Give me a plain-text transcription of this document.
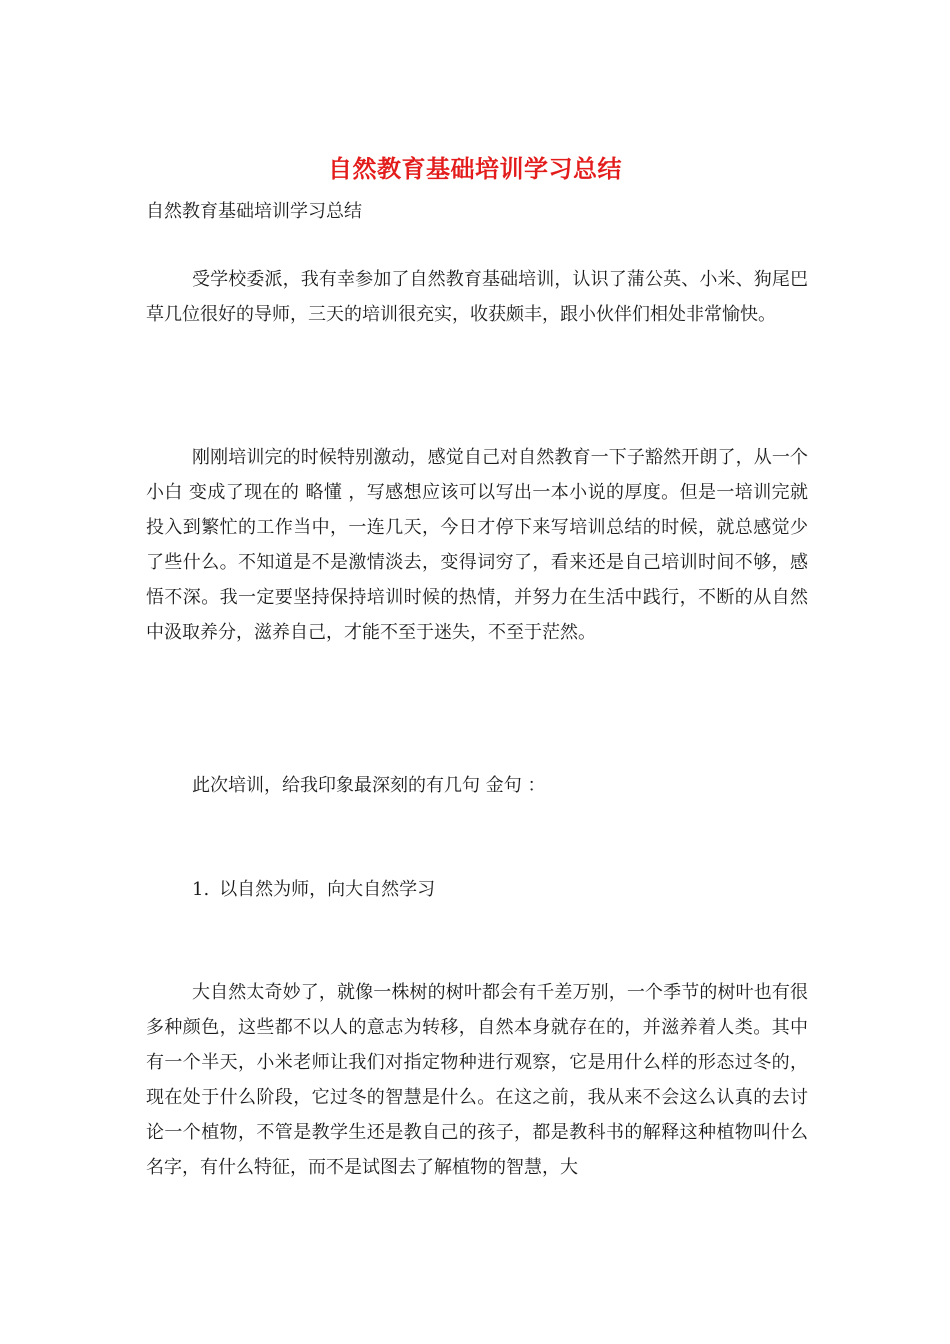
自然教育基础培训学习总结
自然教育基础培训学习总结

受学校委派，我有幸参加了自然教育基础培训，认识了蒲公英、小米、狗尾巴草几位很好的导师，三天的培训很充实，收获颇丰，跟小伙伴们相处非常愉快。

刚刚培训完的时候特别激动，感觉自己对自然教育一下子豁然开朗了，从一个 小白 变成了现在的 略懂 ，写感想应该可以写出一本小说的厚度。但是一培训完就投入到繁忙的工作当中，一连几天，今日才停下来写培训总结的时候，就总感觉少了些什么。不知道是不是激情淡去，变得词穷了，看来还是自己培训时间不够，感悟不深。我一定要坚持保持培训时候的热情，并努力在生活中践行，不断的从自然中汲取养分，滋养自己，才能不至于迷失，不至于茫然。

此次培训，给我印象最深刻的有几句 金句 ：

1. 以自然为师，向大自然学习

大自然太奇妙了，就像一株树的树叶都会有千差万别，一个季节的树叶也有很多种颜色，这些都不以人的意志为转移，自然本身就存在的，并滋养着人类。其中有一个半天，小米老师让我们对指定物种进行观察，它是用什么样的形态过冬的，现在处于什么阶段，它过冬的智慧是什么。在这之前，我从来不会这么认真的去讨论一个植物，不管是教学生还是教自己的孩子，都是教科书的解释这种植物叫什么名字，有什么特征，而不是试图去了解植物的智慧，大
